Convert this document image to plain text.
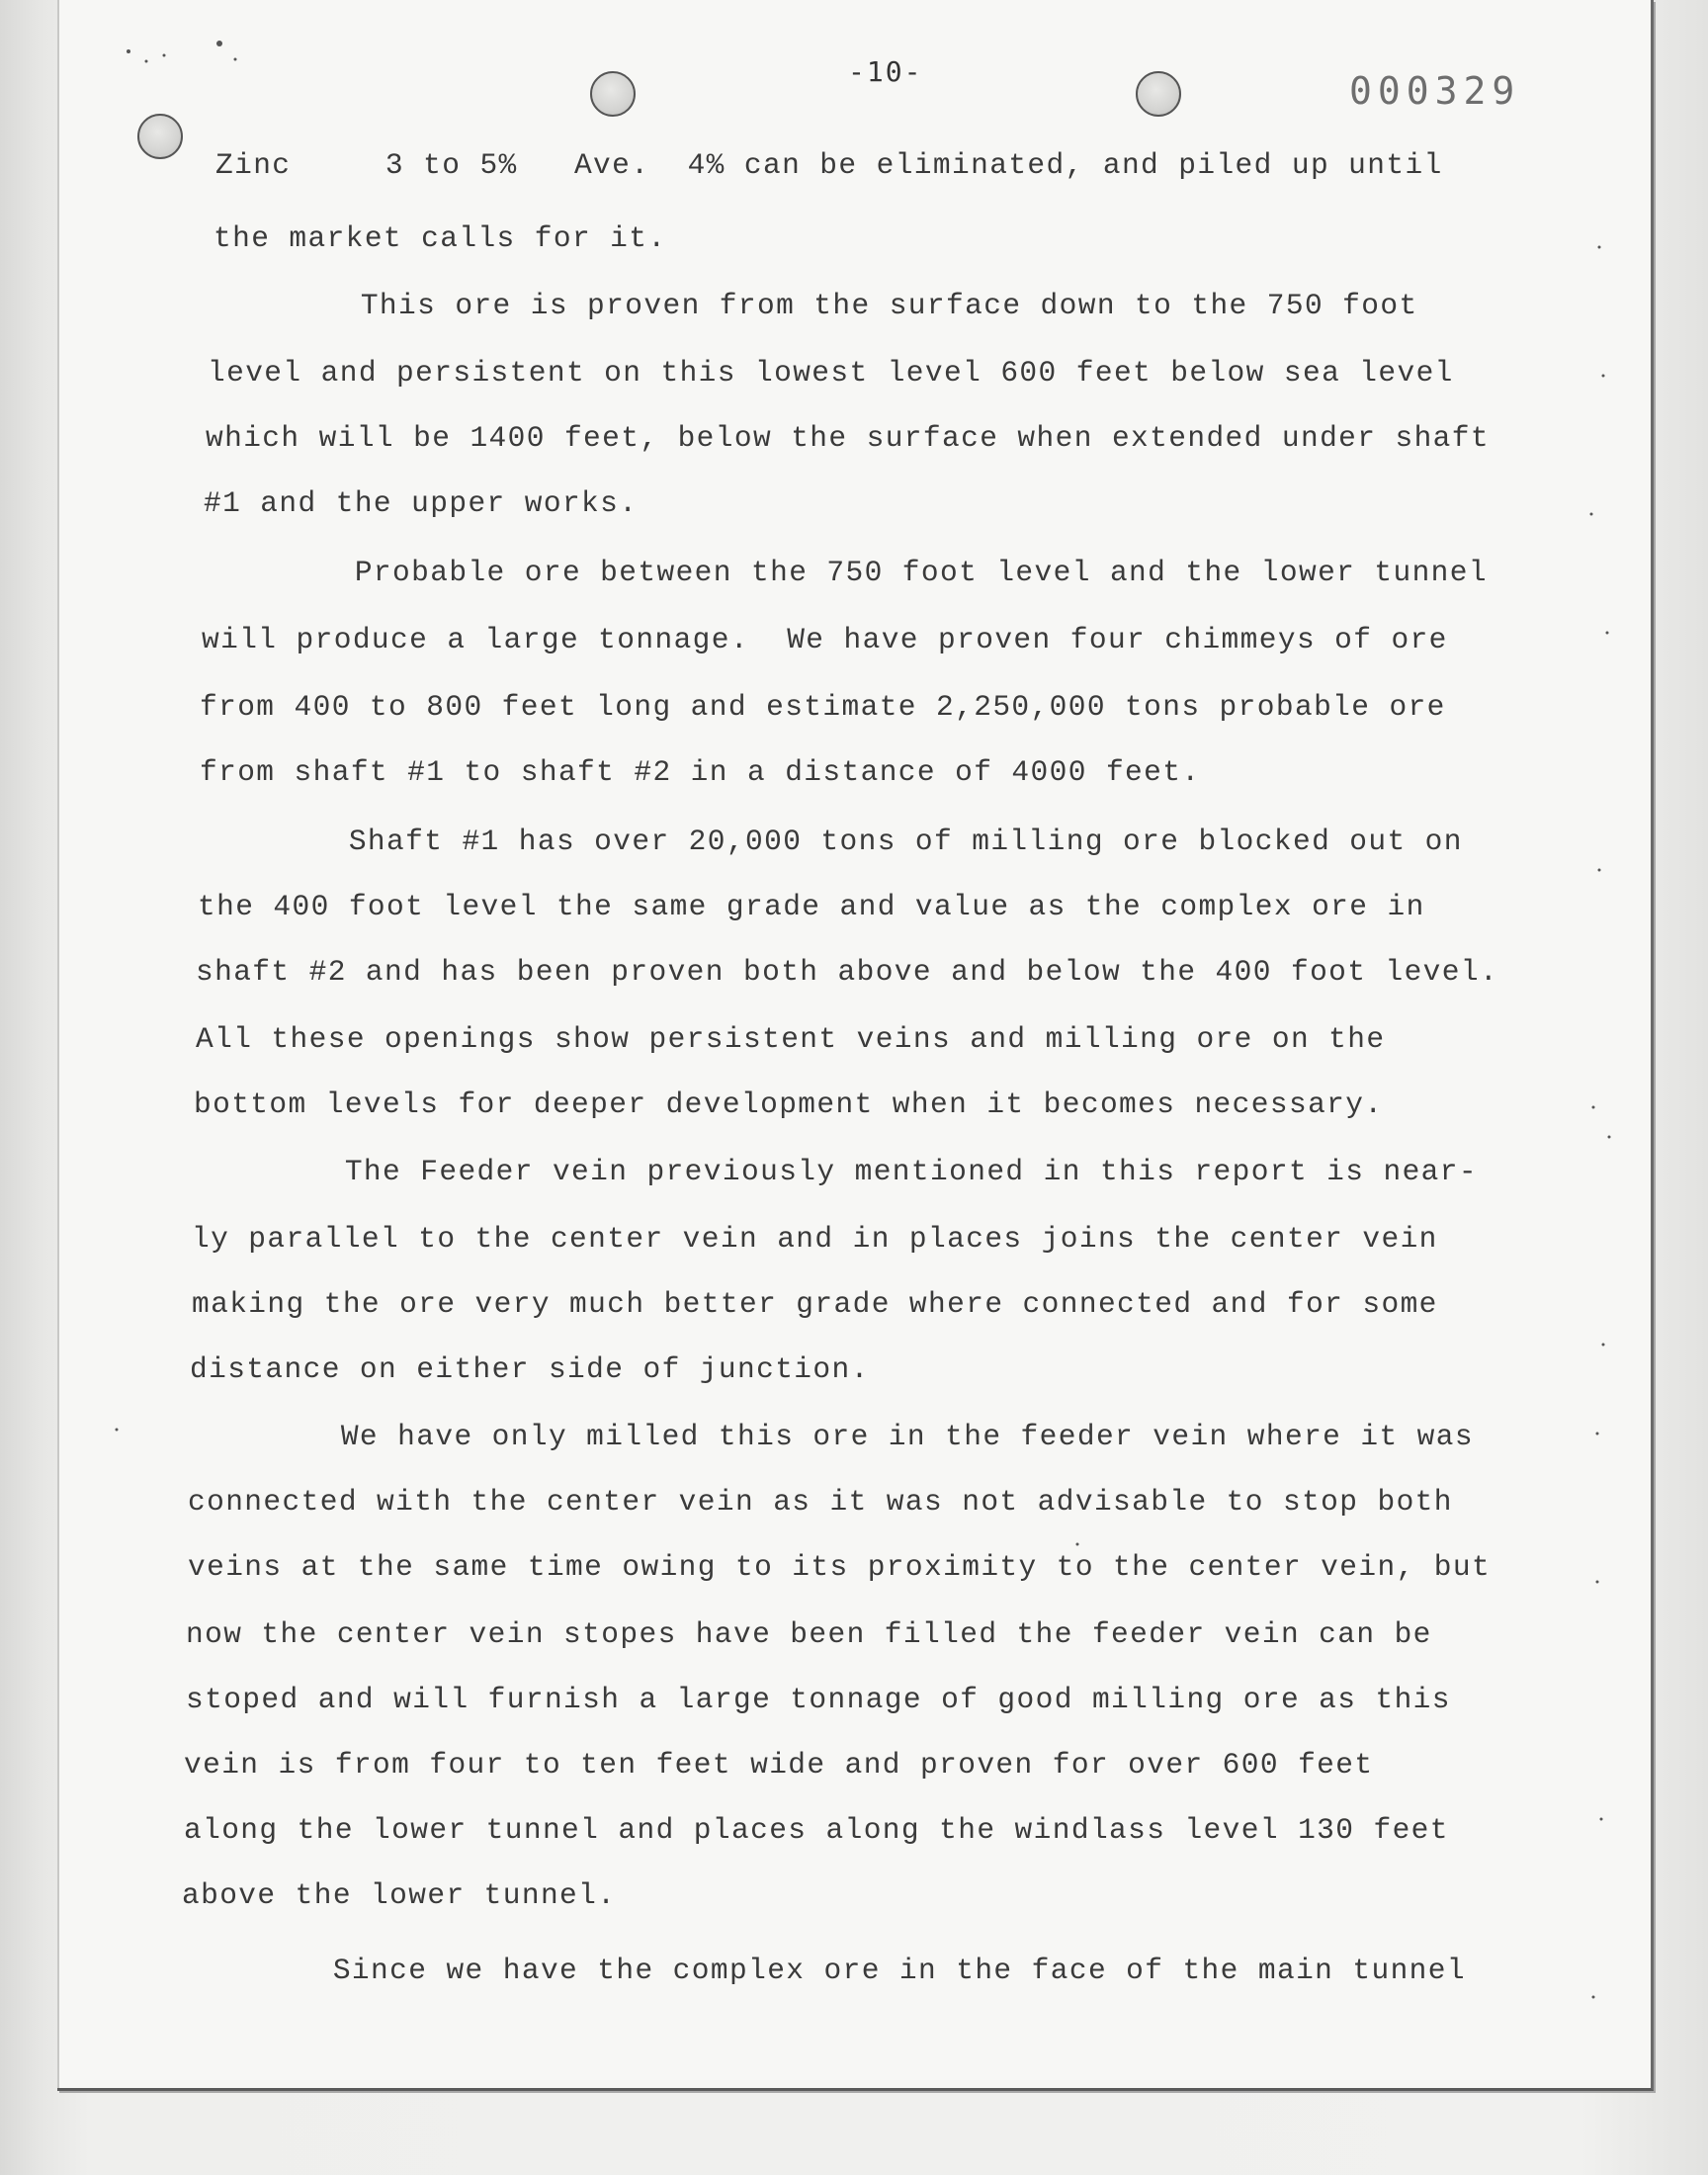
-10-	000329
Zinc     3 to 5%   Ave.  4% can be eliminated, and piled up until
the market calls for it.
This ore is proven from the surface down to the 750 foot
level and persistent on this lowest level 600 feet below sea level
which will be 1400 feet, below the surface when extended under shaft
#1 and the upper works.
Probable ore between the 750 foot level and the lower tunnel
will produce a large tonnage.  We have proven four chimmeys of ore
from 400 to 800 feet long and estimate 2,250,000 tons probable ore
from shaft #1 to shaft #2 in a distance of 4000 feet.
Shaft #1 has over 20,000 tons of milling ore blocked out on
the 400 foot level the same grade and value as the complex ore in
shaft #2 and has been proven both above and below the 400 foot level.
All these openings show persistent veins and milling ore on the
bottom levels for deeper development when it becomes necessary.
The Feeder vein previously mentioned in this report is near-
ly parallel to the center vein and in places joins the center vein
making the ore very much better grade where connected and for some
distance on either side of junction.
We have only milled this ore in the feeder vein where it was
connected with the center vein as it was not advisable to stop both
veins at the same time owing to its proximity to the center vein, but
now the center vein stopes have been filled the feeder vein can be
stoped and will furnish a large tonnage of good milling ore as this
vein is from four to ten feet wide and proven for over 600 feet
along the lower tunnel and places along the windlass level 130 feet
above the lower tunnel.
Since we have the complex ore in the face of the main tunnel
